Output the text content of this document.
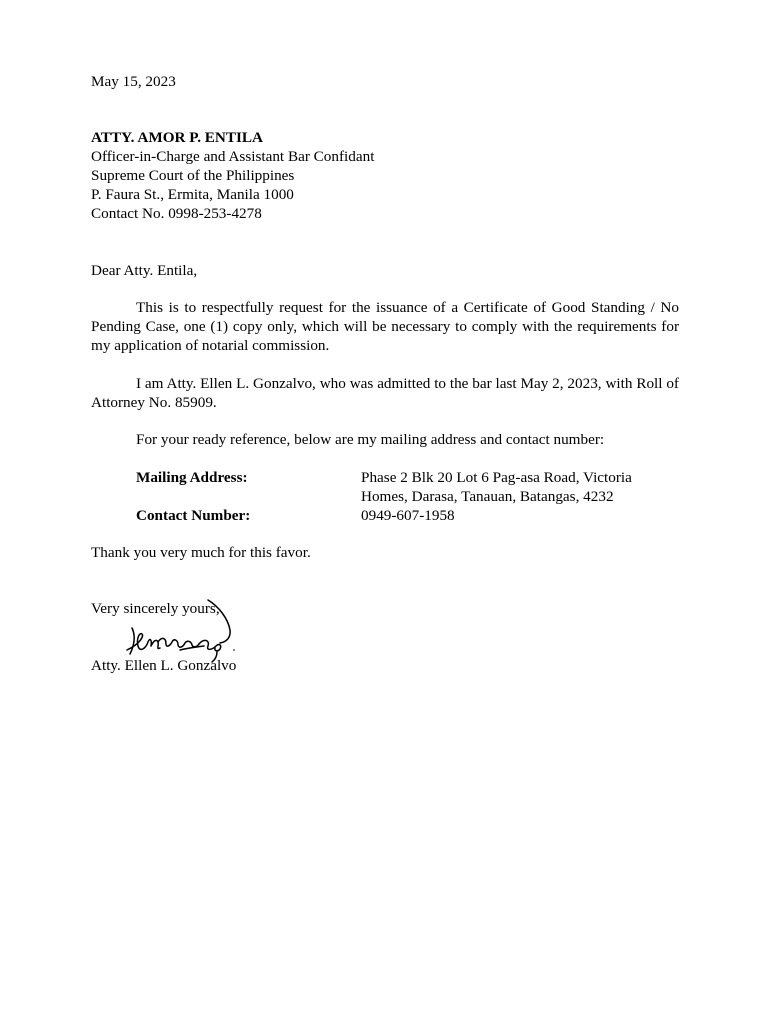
May 15, 2023
ATTY. AMOR P. ENTILA
Officer-in-Charge and Assistant Bar Confidant
Supreme Court of the Philippines
P. Faura St., Ermita, Manila 1000
Contact No. 0998-253-4278
Dear Atty. Entila,

This is to respectfully request for the issuance of a Certificate of Good Standing / No Pending Case, one (1) copy only, which will be necessary to comply with the requirements for my application of notarial commission.

I am Atty. Ellen L. Gonzalvo, who was admitted to the bar last May 2, 2023, with Roll of Attorney No. 85909.

For your ready reference, below are my mailing address and contact number:

Mailing Address:	Phase 2 Blk 20 Lot 6 Pag-asa Road, Victoria
Homes, Darasa, Tanauan, Batangas, 4232
Contact Number:	0949-607-1958
Thank you very much for this favor.
Very sincerely yours,
Atty. Ellen L. Gonzalvo
